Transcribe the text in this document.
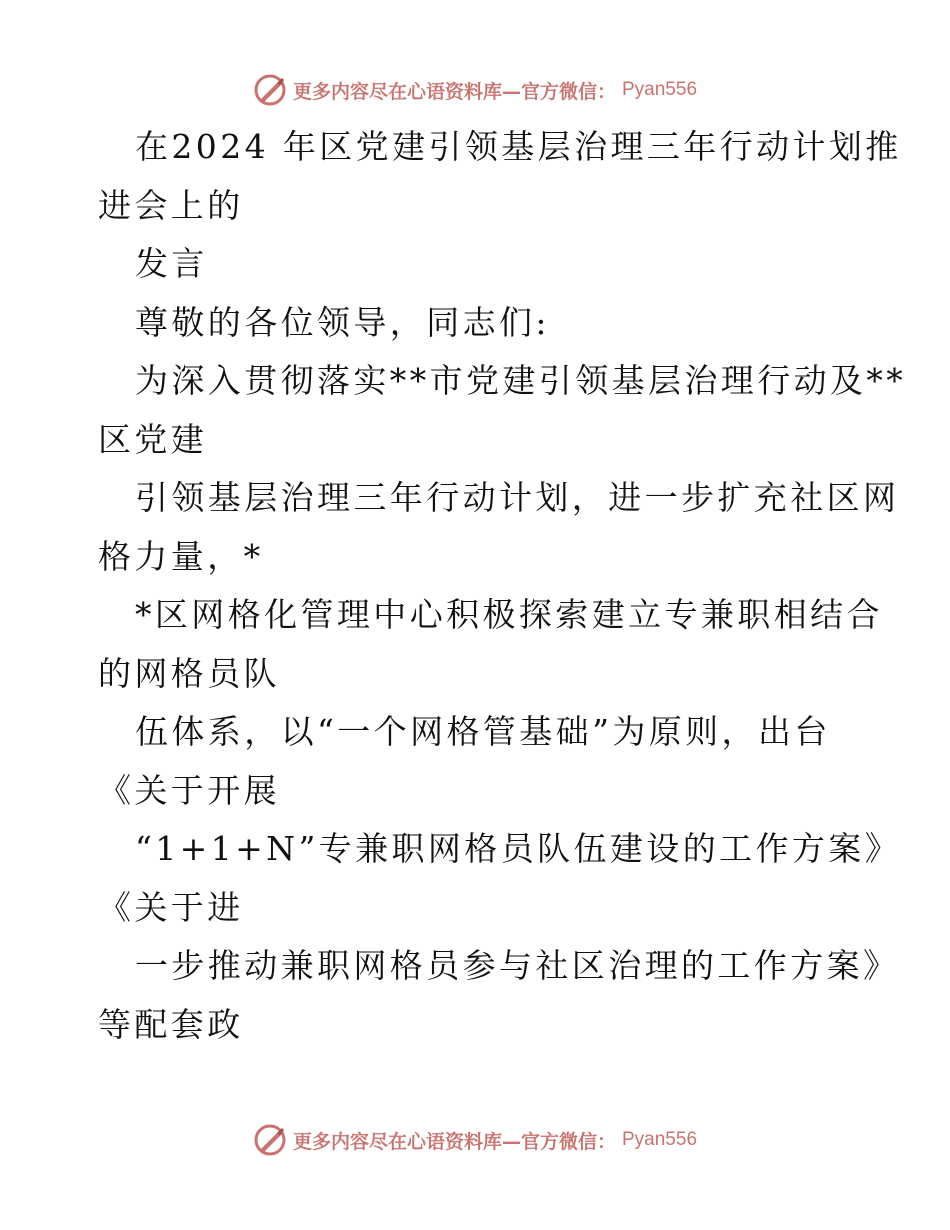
更多内容尽在心语资料库—官方微信： Pyan556

在2024 年区党建引领基层治理三年行动计划推

进会上的

发言

尊敬的各位领导，同志们:

为深入贯彻落实**市党建引领基层治理行动及**

区党建

引领基层治理三年行动计划，进一步扩充社区网

格力量，*

*区网格化管理中心积极探索建立专兼职相结合

的网格员队

伍体系，以“一个网格管基础”为原则，出台

《关于开展

“1+1+N”专兼职网格员队伍建设的工作方案》

《关于进

一步推动兼职网格员参与社区治理的工作方案》

等配套政

更多内容尽在心语资料库—官方微信： Pyan556
